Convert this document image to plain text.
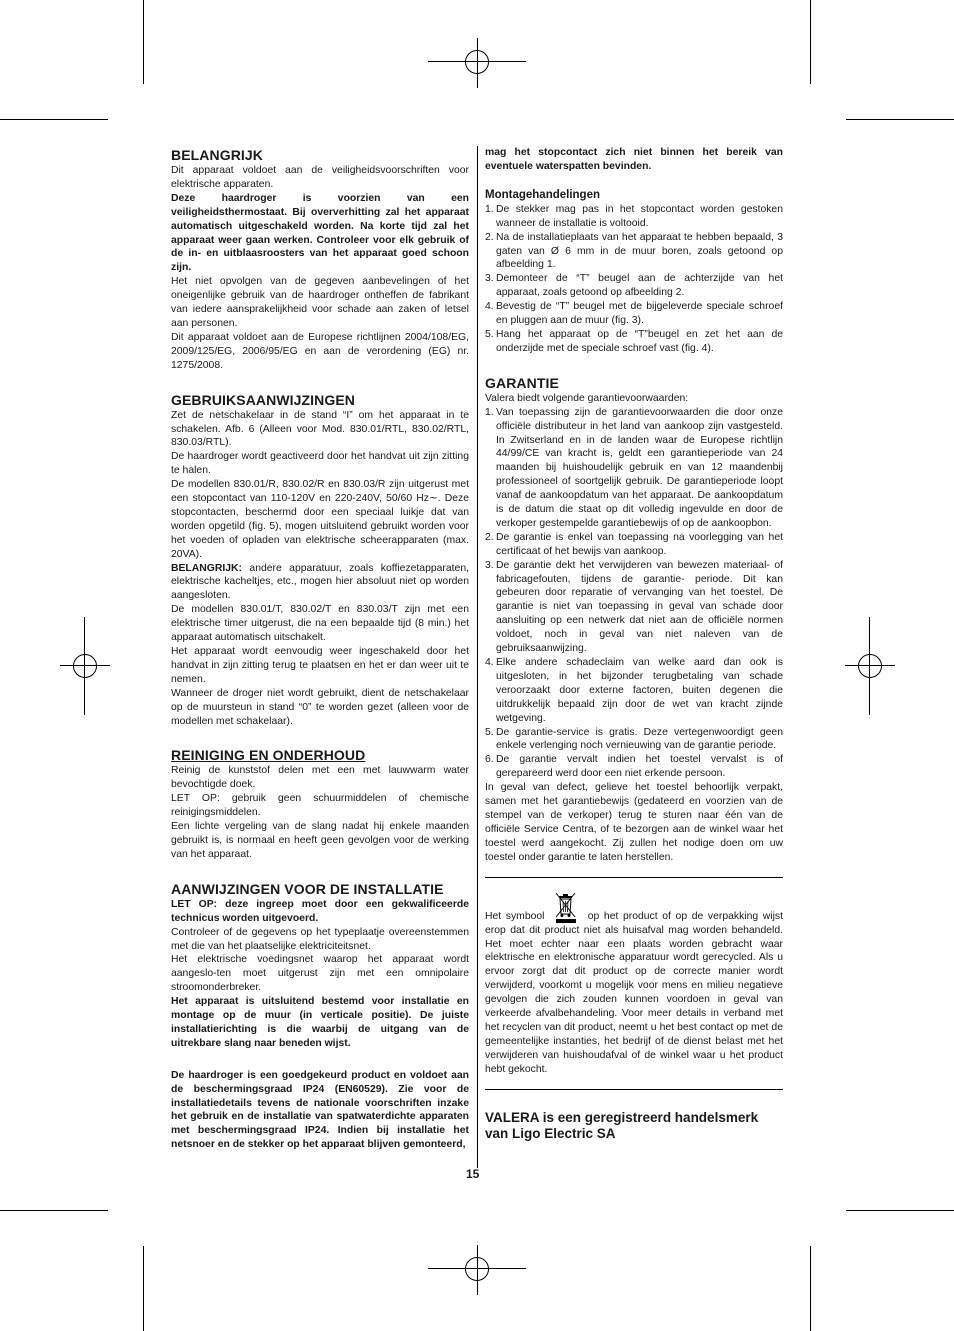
BELANGRIJK

Dit apparaat voldoet aan de veiligheidsvoorschriften voor elektrische apparaten.

Deze haardroger is voorzien van een veiligheidsthermostaat. Bij oververhitting zal het apparaat automatisch uitgeschakeld worden. Na korte tijd zal het apparaat weer gaan werken. Controleer voor elk gebruik of de in- en uitblaasroosters van het apparaat goed schoon zijn.

Het niet opvolgen van de gegeven aanbevelingen of het oneigenlijke gebruik van de haardroger ontheffen de fabrikant van iedere aansprakelijkheid voor schade aan zaken of letsel aan personen.

Dit apparaat voldoet aan de Europese richtlijnen 2004/108/EG, 2009/125/EG, 2006/95/EG en aan de verordening (EG) nr. 1275/2008.

GEBRUIKSAANWIJZINGEN

Zet de netschakelaar in de stand “I” om het apparaat in te schakelen. Afb. 6 (Alleen voor Mod. 830.01/RTL, 830.02/RTL, 830.03/RTL).

De haardroger wordt geactiveerd door het handvat uit zijn zitting te halen.

De modellen 830.01/R, 830.02/R en 830.03/R zijn uitgerust met een stopcontact van 110-120V en 220-240V, 50/60 Hz∼. Deze stopcontacten, beschermd door een speciaal luikje dat van worden opgetild (fig. 5), mogen uitsluitend gebruikt worden voor het voeden of opladen van elektrische scheerapparaten (max. 20VA).

BELANGRIJK: andere apparatuur, zoals koffiezetapparaten, elektrische kacheltjes, etc., mogen hier absoluut niet op worden aangesloten.

De modellen 830.01/T, 830.02/T en 830.03/T zijn met een elektrische timer uitgerust, die na een bepaalde tijd (8 min.) het apparaat automatisch uitschakelt.

Het apparaat wordt eenvoudig weer ingeschakeld door het handvat in zijn zitting terug te plaatsen en het er dan weer uit te nemen.

Wanneer de droger niet wordt gebruikt, dient de netschakelaar op de muursteun in stand “0” te worden gezet (alleen voor de modellen met schakelaar).

REINIGING EN ONDERHOUD

Reinig de kunststof delen met een met lauwwarm water bevochtigde doek.

LET OP: gebruik geen schuurmiddelen of chemische reinigingsmiddelen.

Een lichte vergeling van de slang nadat hij enkele maanden gebruikt is, is normaal en heeft geen gevolgen voor de werking van het apparaat.

AANWIJZINGEN VOOR DE INSTALLATIE

LET OP: deze ingreep moet door een gekwalificeerde technicus worden uitgevoerd.

Controleer of de gegevens op het typeplaatje overeenstemmen met die van het plaatselijke elektriciteitsnet.

Het elektrische voedingsnet waarop het apparaat wordt aangeslo-ten moet uitgerust zijn met een omnipolaire stroomonderbreker.

Het apparaat is uitsluitend bestemd voor installatie en montage op de muur (in verticale positie). De juiste installatierichting is die waarbij de uitgang van de uitrekbare slang naar beneden wijst.

De haardroger is een goedgekeurd product en voldoet aan de beschermingsgraad IP24 (EN60529). Zie voor de installatiedetails tevens de nationale voorschriften inzake het gebruik en de installatie van spatwaterdichte apparaten met beschermingsgraad IP24. Indien bij installatie het netsnoer en de stekker op het apparaat blijven gemonteerd,

mag het stopcontact zich niet binnen het bereik van eventuele waterspatten bevinden.

Montagehandelingen
1. De stekker mag pas in het stopcontact worden gestoken wanneer de installatie is voltooid.
2. Na de installatieplaats van het apparaat te hebben bepaald, 3 gaten van Ø 6 mm in de muur boren, zoals getoond op afbeelding 1.
3. Demonteer de “T” beugel aan de achterzijde van het apparaat, zoals getoond op afbeelding 2.
4. Bevestig de “T” beugel met de bijgeleverde speciale schroef en pluggen aan de muur (fig. 3).
5. Hang het apparaat op de “T”beugel en zet het aan de onderzijde met de speciale schroef vast (fig. 4).
GARANTIE

Valera biedt volgende garantievoorwaarden:

1. Van toepassing zijn de garantievoorwaarden die door onze officiële distributeur in het land van aankoop zijn vastgesteld. In Zwitserland en in de landen waar de Europese richtlijn 44/99/CE van kracht is, geldt een garantieperiode van 24 maanden bij huishoudelijk gebruik en van 12 maandenbij professioneel of soortgelijk gebruik. De garantieperiode loopt vanaf de aankoopdatum van het apparaat. De aankoopdatum is de datum die staat op dit volledig ingevulde en door de verkoper gestempelde garantiebewijs of op de aankoopbon.
2. De garantie is enkel van toepassing na voorlegging van het certificaat of het bewijs van aankoop.
3. De garantie dekt het verwijderen van bewezen materiaal- of fabricagefouten, tijdens de garantie- periode. Dit kan gebeuren door reparatie of vervanging van het toestel. De garantie is niet van toepassing in geval van schade door aansluiting op een netwerk dat niet aan de officiële normen voldoet, noch in geval van niet naleven van de gebruiksaanwijzing.
4. Elke andere schadeclaim van welke aard dan ook is uitgesloten, in het bijzonder terugbetaling van schade veroorzaakt door externe factoren, buiten degenen die uitdrukkelijk bepaald zijn door de wet van kracht zijnde wetgeving.
5. De garantie-service is gratis. Deze vertegenwoordigt geen enkele verlenging noch vernieuwing van de garantie periode.
6. De garantie vervalt indien het toestel vervalst is of gerepareerd werd door een niet erkende persoon.

In geval van defect, gelieve het toestel behoorlijk verpakt, samen met het garantiebewijs (gedateerd en voorzien van de stempel van de verkoper) terug te sturen naar één van de officiële Service Centra, of te bezorgen aan de winkel waar het toestel werd aangekocht. Zij zullen het nodige doen om uw toestel onder garantie te laten herstellen.

Het symbool	op het product of op de verpakking wijst erop dat dit product niet als huisafval mag worden behandeld. Het moet echter naar een plaats worden gebracht waar elektrische en elektronische apparatuur wordt gerecycled. Als u ervoor zorgt dat dit product op de correcte manier wordt verwijderd, voorkomt u mogelijk voor mens en milieu negatieve gevolgen die zich zouden kunnen voordoen in geval van verkeerde afvalbehandeling. Voor meer details in verband met het recyclen van dit product, neemt u het best contact op met de gemeentelijke instanties, het bedrijf of de dienst belast met het verwijderen van huishoudafval of de winkel waar u het product hebt gekocht.

VALERA is een geregistreerd handelsmerk van Ligo Electric SA

15
